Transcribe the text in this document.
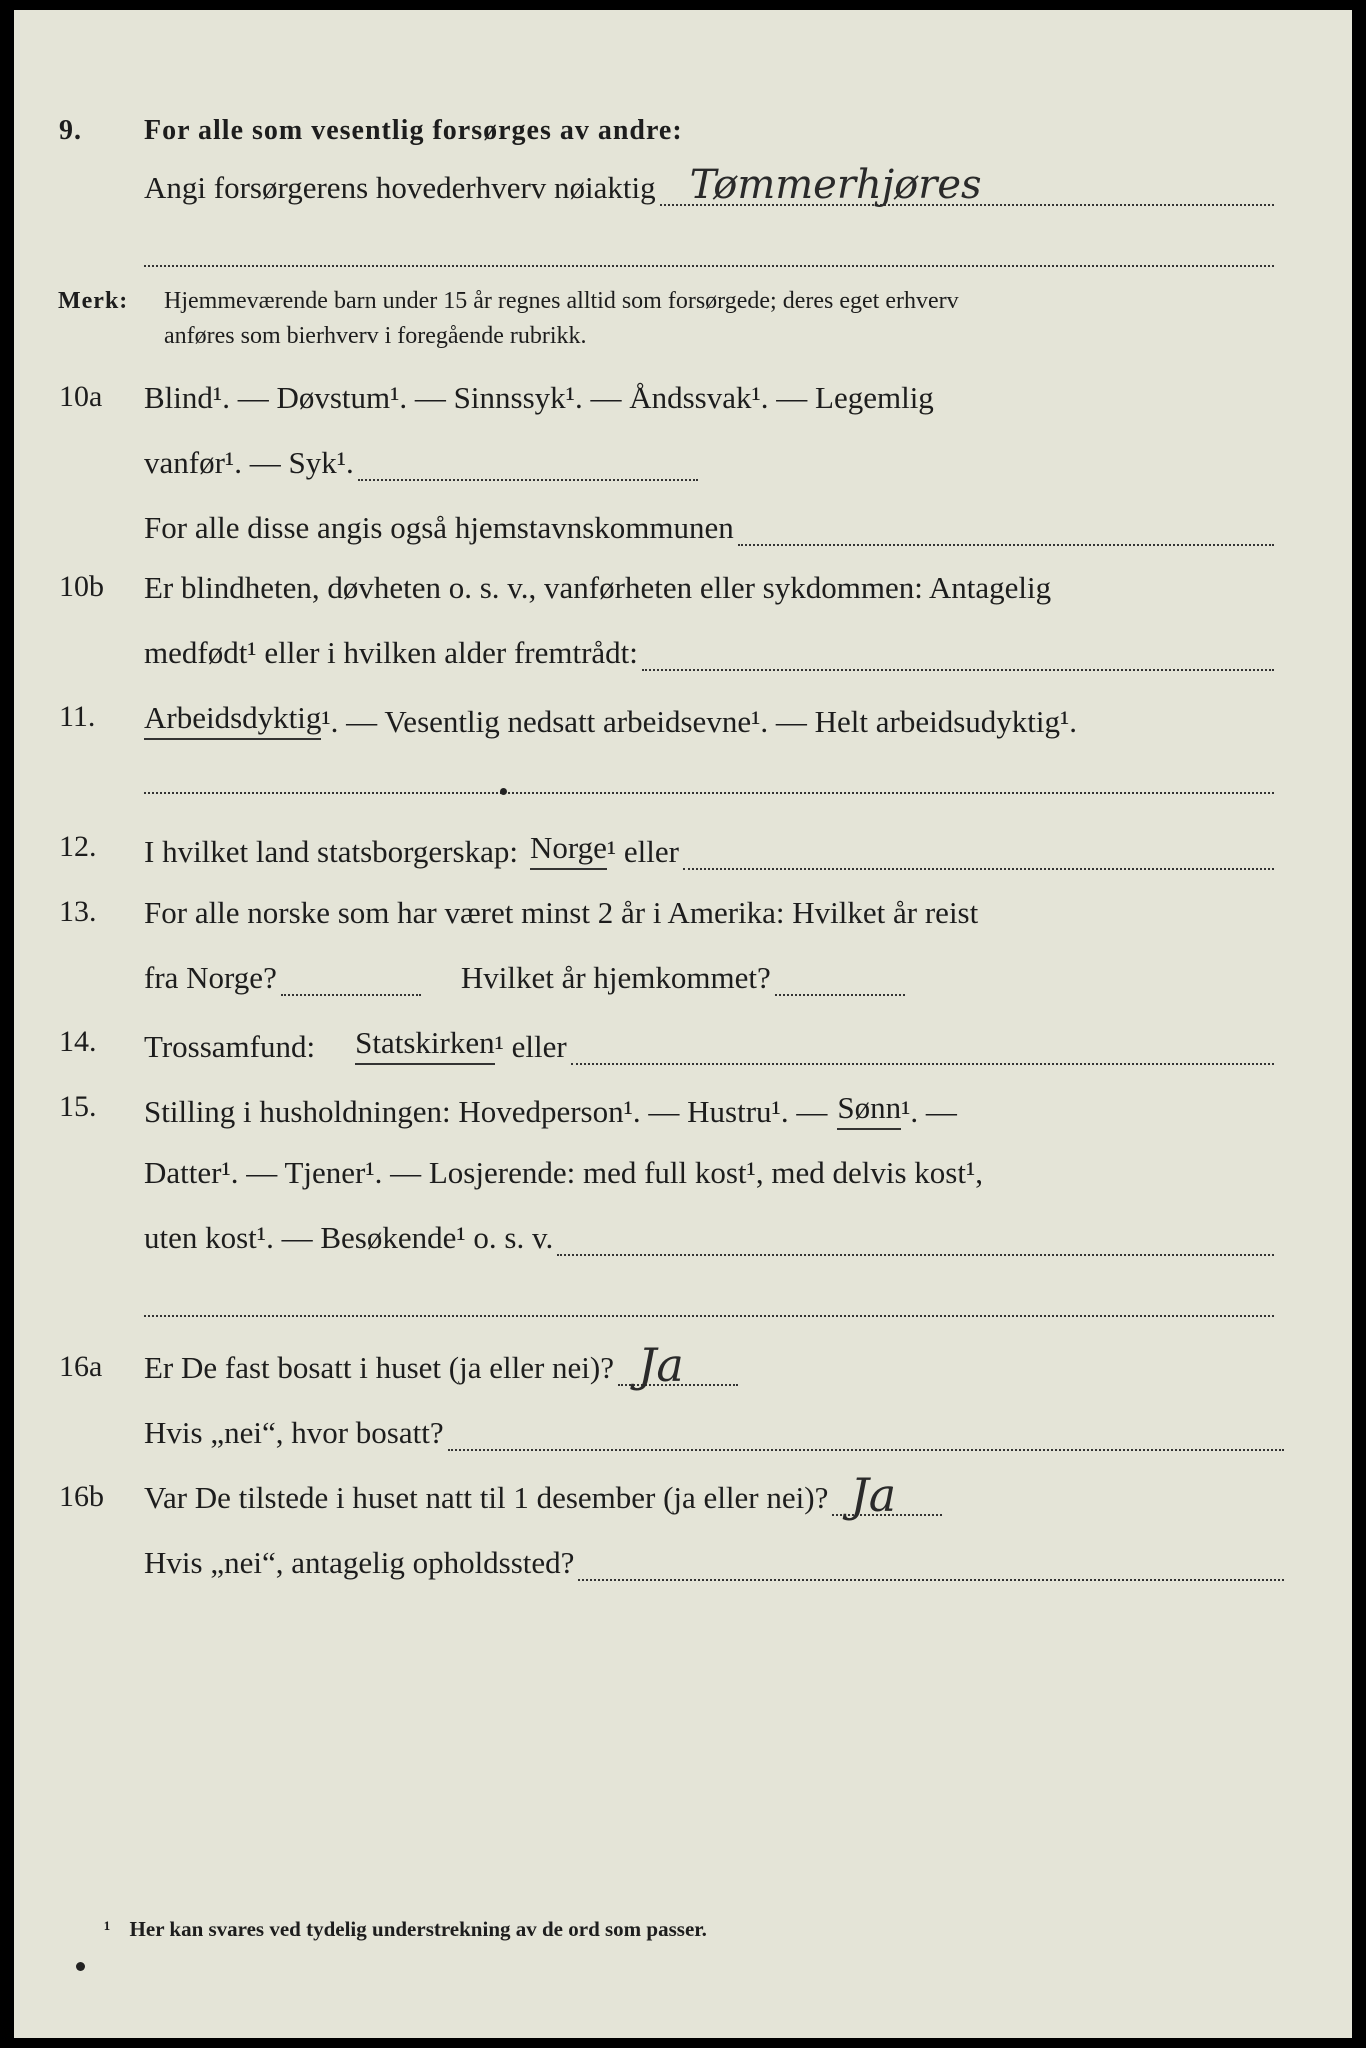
9. For alle som vesentlig forsørges av andre:
Angi forsørgerens hovederhverv nøiaktig Tømmerhjøres
Merk: Hjemmeværende barn under 15 år regnes alltid som forsørgede; deres eget erhverv
anføres som bierhverv i foregående rubrikk.
10a Blind¹. — Døvstum¹. — Sinnssyk¹. — Åndssvak¹. — Legemlig
vanfør¹. — Syk¹.
For alle disse angis også hjemstavnskommunen
10b Er blindheten, døvheten o. s. v., vanførheten eller sykdommen: Antagelig
medfødt¹ eller i hvilken alder fremtrådt:
11. Arbeidsdyktig ¹. — Vesentlig nedsatt arbeidsevne¹. — Helt arbeidsudyktig¹.
12. I hvilket land statsborgerskap: Norge ¹ eller
13. For alle norske som har været minst 2 år i Amerika: Hvilket år reist
fra Norge?	Hvilket år hjemkommet?
14. Trossamfund: Statskirken ¹ eller
15. Stilling i husholdningen: Hovedperson¹. — Hustru¹. — Sønn ¹. —
Datter¹. — Tjener¹. — Losjerende: med full kost¹, med delvis kost¹,
uten kost¹. — Besøkende¹ o. s. v.
16a Er De fast bosatt i huset (ja eller nei)? Ja
Hvis „nei“, hvor bosatt?
16b Var De tilstede i huset natt til 1 desember (ja eller nei)? Ja
Hvis „nei“, antagelig opholdssted?
¹ Her kan svares ved tydelig understrekning av de ord som passer.
